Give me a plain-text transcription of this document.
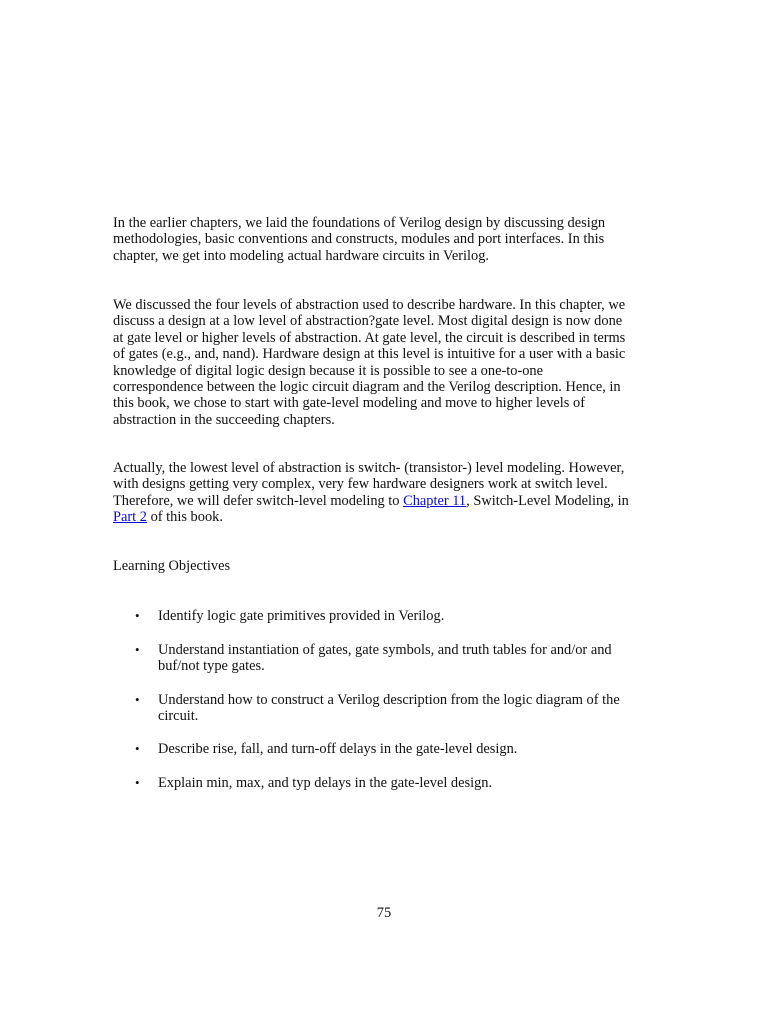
In the earlier chapters, we laid the foundations of Verilog design by discussing design
methodologies, basic conventions and constructs, modules and port interfaces. In this
chapter, we get into modeling actual hardware circuits in Verilog.

We discussed the four levels of abstraction used to describe hardware. In this chapter, we
discuss a design at a low level of abstraction?gate level. Most digital design is now done
at gate level or higher levels of abstraction. At gate level, the circuit is described in terms
of gates (e.g., and, nand). Hardware design at this level is intuitive for a user with a basic
knowledge of digital logic design because it is possible to see a one-to-one
correspondence between the logic circuit diagram and the Verilog description. Hence, in
this book, we chose to start with gate-level modeling and move to higher levels of
abstraction in the succeeding chapters.

Actually, the lowest level of abstraction is switch- (transistor-) level modeling. However,
with designs getting very complex, very few hardware designers work at switch level.
Therefore, we will defer switch-level modeling to Chapter 11, Switch-Level Modeling, in
Part 2 of this book.

Learning Objectives

• Identify logic gate primitives provided in Verilog.
• Understand instantiation of gates, gate symbols, and truth tables for and/or and
buf/not type gates.
• Understand how to construct a Verilog description from the logic diagram of the
circuit.
• Describe rise, fall, and turn-off delays in the gate-level design.
• Explain min, max, and typ delays in the gate-level design.
75
